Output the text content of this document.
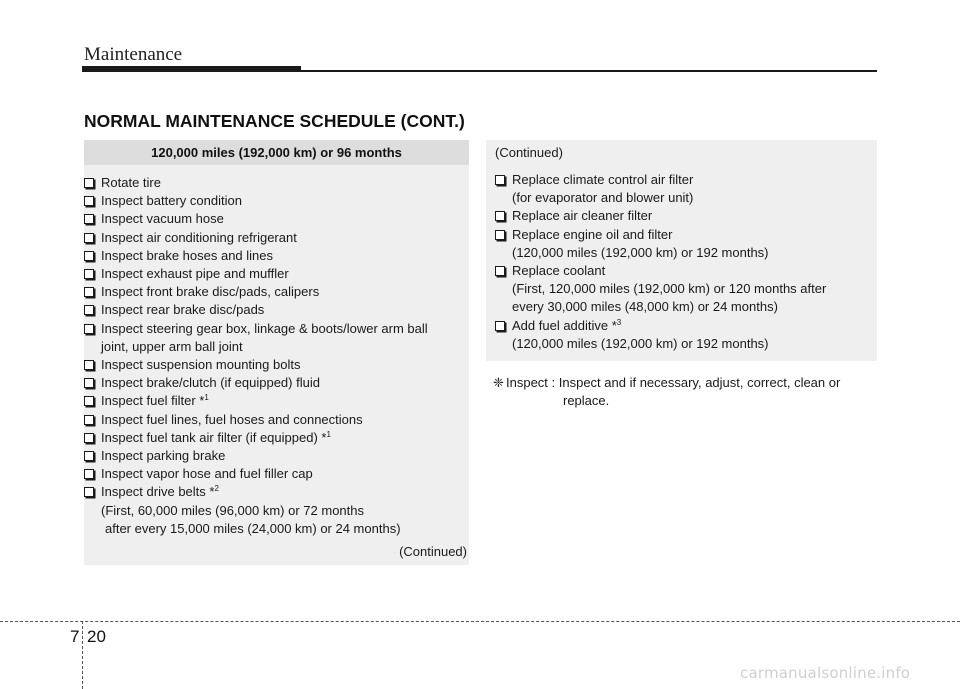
Maintenance
NORMAL MAINTENANCE SCHEDULE (CONT.)
120,000 miles (192,000 km) or 96 months
Rotate tire
Inspect battery condition
Inspect vacuum hose
Inspect air conditioning refrigerant
Inspect brake hoses and lines
Inspect exhaust pipe and muffler
Inspect front brake disc/pads, calipers
Inspect rear brake disc/pads
Inspect steering gear box, linkage & boots/lower arm ball
joint, upper arm ball joint
Inspect suspension mounting bolts
Inspect brake/clutch (if equipped) fluid
Inspect fuel filter *$^1$
Inspect fuel lines, fuel hoses and connections
Inspect fuel tank air filter (if equipped) *$^1$
Inspect parking brake
Inspect vapor hose and fuel filler cap
Inspect drive belts *$^2$
(First, 60,000 miles (96,000 km) or 72 months
after every 15,000 miles (24,000 km) or 24 months)
(Continued)
(Continued)
Replace climate control air filter
(for evaporator and blower unit)
Replace air cleaner filter
Replace engine oil and filter
(120,000 miles (192,000 km) or 192 months)
Replace coolant
(First, 120,000 miles (192,000 km) or 120 months after
every 30,000 miles (48,000 km) or 24 months)
Add fuel additive *$^3$
(120,000 miles (192,000 km) or 192 months)
❈ Inspect : Inspect and if necessary, adjust, correct, clean or
replace.
7 20
carmanualsonline.info
